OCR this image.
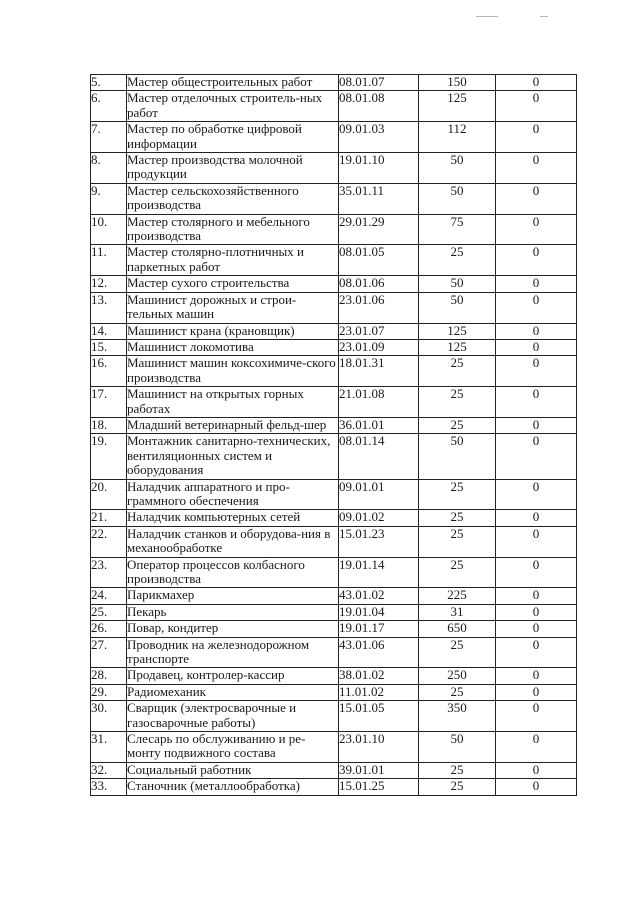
5.	Мастер общестроительных работ	08.01.07	150	0
6.	Мастер отделочных строитель-ных работ	08.01.08	125	0
7.	Мастер по обработке цифровой информации	09.01.03	112	0
8.	Мастер производства молочной продукции	19.01.10	50	0
9.	Мастер сельскохозяйственного производства	35.01.11	50	0
10.	Мастер столярного и мебельного производства	29.01.29	75	0
11.	Мастер столярно-плотничных и паркетных работ	08.01.05	25	0
12.	Мастер сухого строительства	08.01.06	50	0
13.	Машинист дорожных и строи-тельных машин	23.01.06	50	0
14.	Машинист крана (крановщик)	23.01.07	125	0
15.	Машинист локомотива	23.01.09	125	0
16.	Машинист машин коксохимиче-ского производства	18.01.31	25	0
17.	Машинист на открытых горных работах	21.01.08	25	0
18.	Младший ветеринарный фельд-шер	36.01.01	25	0
19.	Монтажник санитарно-технических, вентиляционных систем и оборудования	08.01.14	50	0
20.	Наладчик аппаратного и про-граммного обеспечения	09.01.01	25	0
21.	Наладчик компьютерных сетей	09.01.02	25	0
22.	Наладчик станков и оборудова-ния в механообработке	15.01.23	25	0
23.	Оператор процессов колбасного производства	19.01.14	25	0
24.	Парикмахер	43.01.02	225	0
25.	Пекарь	19.01.04	31	0
26.	Повар, кондитер	19.01.17	650	0
27.	Проводник на железнодорожном транспорте	43.01.06	25	0
28.	Продавец, контролер-кассир	38.01.02	250	0
29.	Радиомеханик	11.01.02	25	0
30.	Сварщик (электросварочные и газосварочные работы)	15.01.05	350	0
31.	Слесарь по обслуживанию и ре-монту подвижного состава	23.01.10	50	0
32.	Социальный работник	39.01.01	25	0
33.	Станочник (металлообработка)	15.01.25	25	0
